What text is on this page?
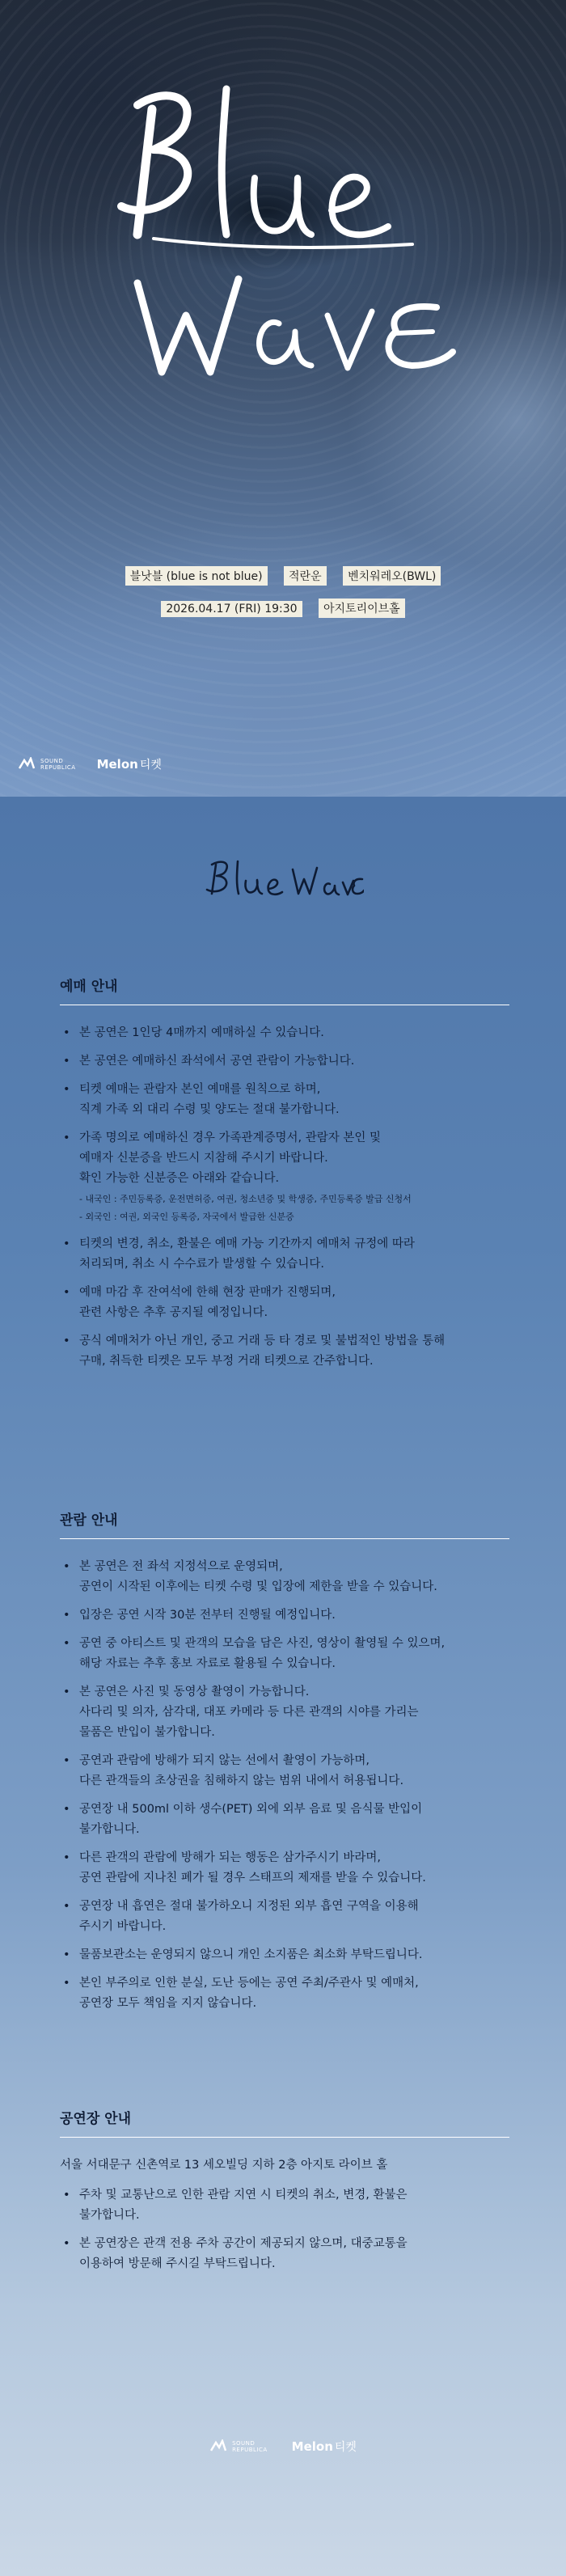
블낫블 (blue is not blue) 적란운 벤치워레오(BWL)
2026.04.17 (FRI) 19:30 아지토리이브홀
SOUND
REPUBLICA Melon 티켓
예매 안내
• 본 공연은 1인당 4매까지 예매하실 수 있습니다.
• 본 공연은 예매하신 좌석에서 공연 관람이 가능합니다.
• 티켓 예매는 관람자 본인 예매를 원칙으로 하며,
직계 가족 외 대리 수령 및 양도는 절대 불가합니다.
• 가족 명의로 예매하신 경우 가족관계증명서, 관람자 본인 및
예매자 신분증을 반드시 지참해 주시기 바랍니다.
확인 가능한 신분증은 아래와 같습니다.
- 내국인 : 주민등록증, 운전면허증, 여권, 청소년증 및 학생증, 주민등록증 발급 신청서
- 외국인 : 여권, 외국인 등록증, 자국에서 발급한 신분증
• 티켓의 변경, 취소, 환불은 예매 가능 기간까지 예매처 규정에 따라
처리되며, 취소 시 수수료가 발생할 수 있습니다.
• 예매 마감 후 잔여석에 한해 현장 판매가 진행되며,
관련 사항은 추후 공지될 예정입니다.
• 공식 예매처가 아닌 개인, 중고 거래 등 타 경로 및 불법적인 방법을 통해
구매, 취득한 티켓은 모두 부정 거래 티켓으로 간주합니다.
관람 안내
• 본 공연은 전 좌석 지정석으로 운영되며,
공연이 시작된 이후에는 티켓 수령 및 입장에 제한을 받을 수 있습니다.
• 입장은 공연 시작 30분 전부터 진행될 예정입니다.
• 공연 중 아티스트 및 관객의 모습을 담은 사진, 영상이 촬영될 수 있으며,
해당 자료는 추후 홍보 자료로 활용될 수 있습니다.
• 본 공연은 사진 및 동영상 촬영이 가능합니다.
사다리 및 의자, 삼각대, 대포 카메라 등 다른 관객의 시야를 가리는
물품은 반입이 불가합니다.
• 공연과 관람에 방해가 되지 않는 선에서 촬영이 가능하며,
다른 관객들의 초상권을 침해하지 않는 범위 내에서 허용됩니다.
• 공연장 내 500ml 이하 생수(PET) 외에 외부 음료 및 음식물 반입이
불가합니다.
• 다른 관객의 관람에 방해가 되는 행동은 삼가주시기 바라며,
공연 관람에 지나친 폐가 될 경우 스태프의 제재를 받을 수 있습니다.
• 공연장 내 흡연은 절대 불가하오니 지정된 외부 흡연 구역을 이용해
주시기 바랍니다.
• 물품보관소는 운영되지 않으니 개인 소지품은 최소화 부탁드립니다.
• 본인 부주의로 인한 분실, 도난 등에는 공연 주최/주관사 및 예매처,
공연장 모두 책임을 지지 않습니다.
공연장 안내
서울 서대문구 신촌역로 13 세오빌딩 지하 2층 아지토 라이브 홀
• 주차 및 교통난으로 인한 관람 지연 시 티켓의 취소, 변경, 환불은
불가합니다.
• 본 공연장은 관객 전용 주차 공간이 제공되지 않으며, 대중교통을
이용하여 방문해 주시길 부탁드립니다.
SOUND
REPUBLICA Melon 티켓
